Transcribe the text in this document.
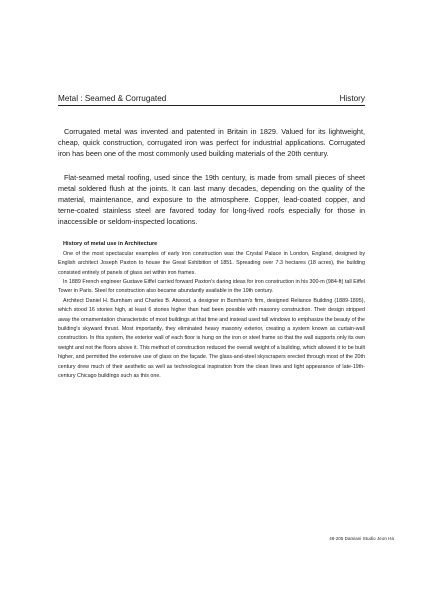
Metal : Seamed & Corrugated	History

Corrugated metal was invented and patented in Britain in 1829. Valued for its lightweight, cheap, quick construction, corrugated iron was perfect for industrial applications. Corrugated iron has been one of the most commonly used building materials of the 20th century.

Flat-seamed metal roofing, used since the 19th century, is made from small pieces of sheet metal soldered flush at the joints. It can last many decades, depending on the quality of the material, maintenance, and exposure to the atmosphere. Copper, lead-coated copper, and terne-coated stainless steel are favored today for long-lived roofs especially for those in inaccessible or seldom-inspected locations.

History of metal use in Architecture

One of the most spectacular examples of early iron construction was the Crystal Palace in London, England, designed by English architect Joseph Paxton to house the Great Exhibition of 1851. Spreading over 7.3 hectares (18 acres), the building consisted entirely of panels of glass set within iron frames.

In 1889 French engineer Gustave Eiffel carried forward Paxton's daring ideas for iron construction in his 300-m (984-ft) tall Eiffel Tower in Paris. Steel for construction also became abundantly available in the 19th century.

Architect Daniel H. Burnham and Charles B. Atwood, a designer in Burnham's firm, designed Reliance Building (1889-1895), which stood 16 stories high, at least 6 stories higher than had been possible with masonry construction. Their design stripped away the ornamentation characteristic of most buildings at that time and instead used tall windows to emphasize the beauty of the building's skyward thrust. Most importantly, they eliminated heavy masonry exterior, creating a system known as curtain-wall construction. In this system, the exterior wall of each floor is hung on the iron or steel frame so that the wall supports only its own weight and not the floors above it. This method of construction reduced the overall weight of a building, which allowed it to be built higher, and permitted the extensive use of glass on the façade. The glass-and-steel skyscrapers erected through most of the 20th century drew much of their aesthetic as well as technological inspiration from the clean lines and light appearance of late-19th-century Chicago buildings such as this one.

48-205 Damiani Studio Jeon Ha
